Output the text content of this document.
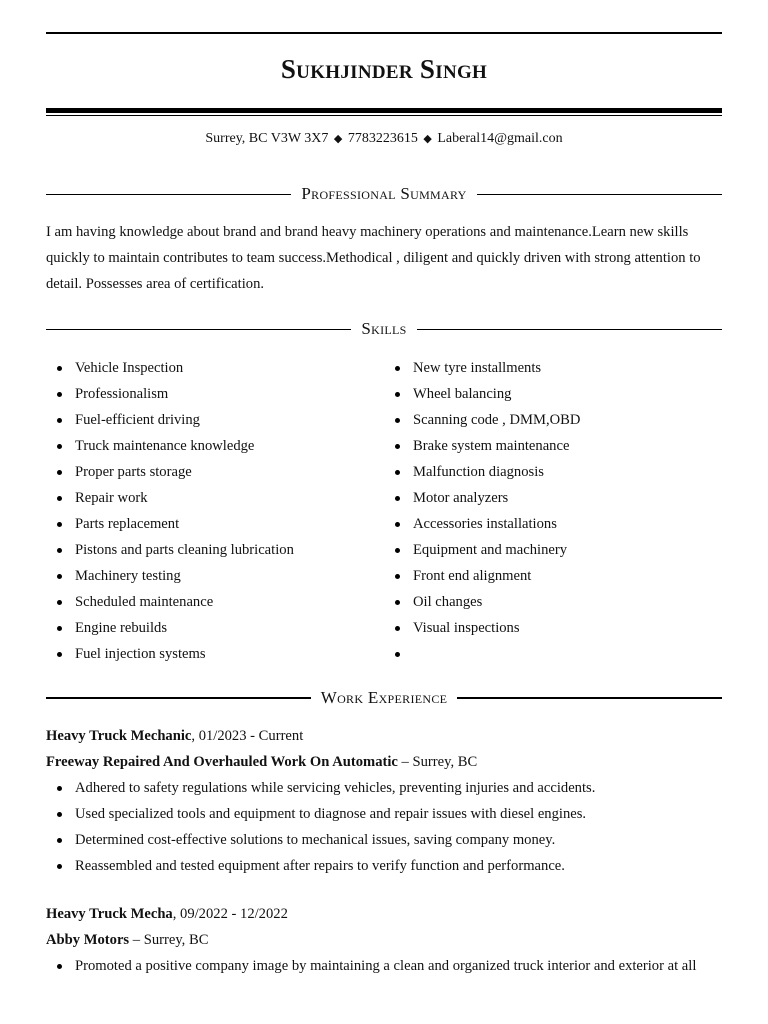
Sukhjinder Singh
Surrey, BC V3W 3X7 ◆ 7783223615 ◆ Laberal14@gmail.con
Professional Summary

I am having knowledge about brand and brand heavy machinery operations and maintenance.Learn new skills quickly to maintain contributes to team success.Methodical , diligent and quickly driven with strong attention to detail. Possesses area of certification.

Skills
Vehicle Inspection
Professionalism
Fuel-efficient driving
Truck maintenance knowledge
Proper parts storage
Repair work
Parts replacement
Pistons and parts cleaning lubrication
Machinery testing
Scheduled maintenance
Engine rebuilds
Fuel injection systems
New tyre installments
Wheel balancing
Scanning code , DMM,OBD
Brake system maintenance
Malfunction diagnosis
Motor analyzers
Accessories installations
Equipment and machinery
Front end alignment
Oil changes
Visual inspections
Work Experience
Heavy Truck Mechanic, 01/2023 - Current
Freeway Repaired And Overhauled Work On Automatic – Surrey, BC
Adhered to safety regulations while servicing vehicles, preventing injuries and accidents.
Used specialized tools and equipment to diagnose and repair issues with diesel engines.
Determined cost-effective solutions to mechanical issues, saving company money.
Reassembled and tested equipment after repairs to verify function and performance.
Heavy Truck Mecha, 09/2022 - 12/2022
Abby Motors – Surrey, BC
Promoted a positive company image by maintaining a clean and organized truck interior and exterior at all
